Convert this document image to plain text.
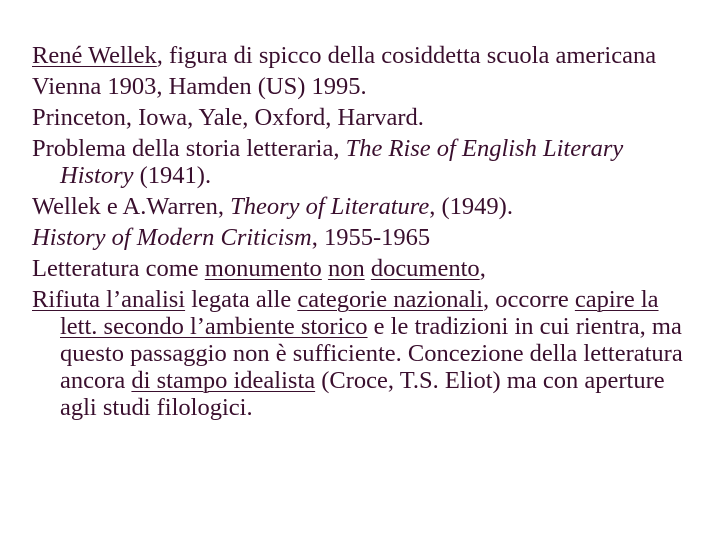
René Wellek, figura di spicco della cosiddetta scuola americana

Vienna 1903, Hamden (US) 1995.

Princeton, Iowa, Yale, Oxford, Harvard.

Problema della storia letteraria, The Rise of English Literary History (1941).

Wellek e A.Warren, Theory of Literature, (1949).

History of Modern Criticism, 1955-1965

Letteratura come monumento non documento,

Rifiuta l’analisi legata alle categorie nazionali, occorre capire la lett. secondo l’ambiente storico e le tradizioni in cui rientra, ma questo passaggio non è sufficiente. Concezione della letteratura ancora di stampo idealista (Croce, T.S. Eliot) ma con aperture agli studi filologici.
